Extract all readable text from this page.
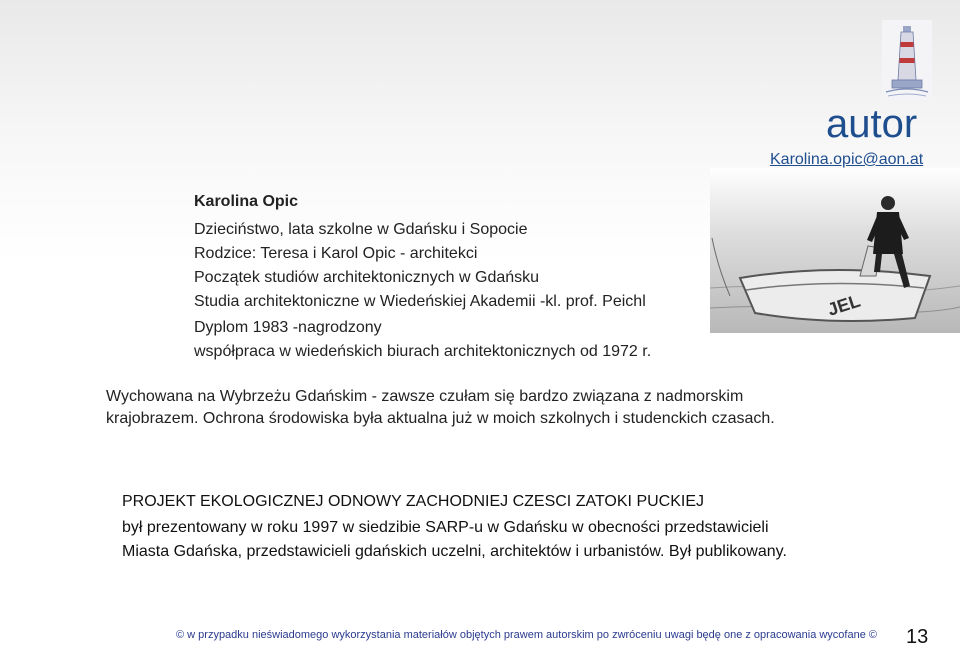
autor
Karolina.opic@aon.at
JEL
Karolina Opic
Dzieciństwo, lata szkolne w Gdańsku i Sopocie
Rodzice: Teresa i Karol Opic - architekci
Początek studiów architektonicznych w Gdańsku
Studia architektoniczne w Wiedeńskiej Akademii -kl. prof. Peichl
Dyplom 1983 -nagrodzony
współpraca w wiedeńskich biurach architektonicznych od 1972 r.
Wychowana na Wybrzeżu Gdańskim - zawsze czułam się bardzo związana z nadmorskim krajobrazem. Ochrona środowiska była aktualna już w moich szkolnych i studenckich czasach.
PROJEKT EKOLOGICZNEJ ODNOWY ZACHODNIEJ CZESCI ZATOKI PUCKIEJ
był prezentowany w roku 1997 w siedzibie SARP-u w Gdańsku w obecności przedstawicieli
Miasta Gdańska, przedstawicieli gdańskich uczelni, architektów i urbanistów. Był publikowany.
© w przypadku nieświadomego wykorzystania materiałów objętych prawem autorskim po zwróceniu uwagi będę one z opracowania wycofane © 13
